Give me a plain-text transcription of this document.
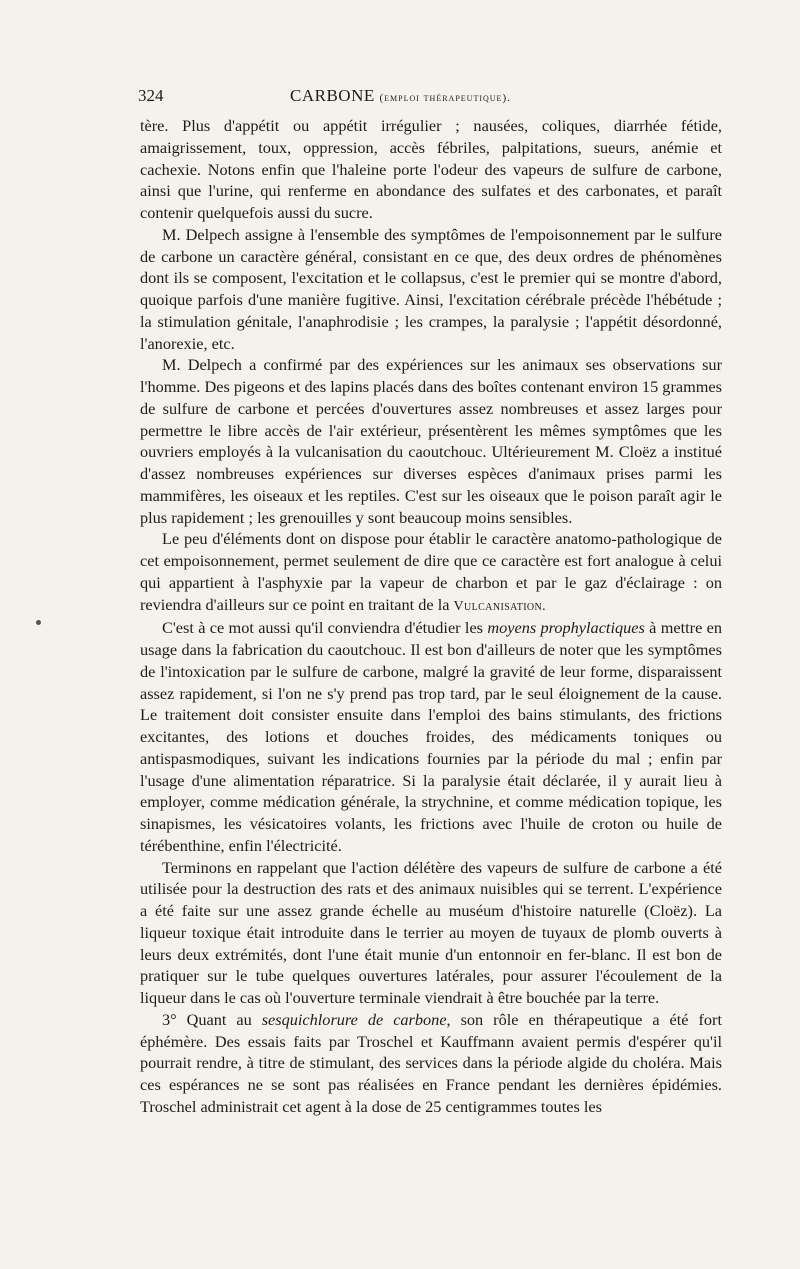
324	CARBONE (emploi thérapeutique).

tère. Plus d'appétit ou appétit irrégulier ; nausées, coliques, diarrhée fétide, amaigrissement, toux, oppression, accès fébriles, palpitations, sueurs, anémie et cachexie. Notons enfin que l'haleine porte l'odeur des vapeurs de sulfure de carbone, ainsi que l'urine, qui renferme en abondance des sulfates et des carbonates, et paraît contenir quelquefois aussi du sucre.

M. Delpech assigne à l'ensemble des symptômes de l'empoisonnement par le sulfure de carbone un caractère général, consistant en ce que, des deux ordres de phénomènes dont ils se composent, l'excitation et le collapsus, c'est le premier qui se montre d'abord, quoique parfois d'une manière fugitive. Ainsi, l'excitation cérébrale précède l'hébétude ; la stimulation génitale, l'anaphrodisie ; les crampes, la paralysie ; l'appétit désordonné, l'anorexie, etc.

M. Delpech a confirmé par des expériences sur les animaux ses observations sur l'homme. Des pigeons et des lapins placés dans des boîtes contenant environ 15 grammes de sulfure de carbone et percées d'ouvertures assez nombreuses et assez larges pour permettre le libre accès de l'air extérieur, présentèrent les mêmes symptômes que les ouvriers employés à la vulcanisation du caoutchouc. Ultérieurement M. Cloëz a institué d'assez nombreuses expériences sur diverses espèces d'animaux prises parmi les mammifères, les oiseaux et les reptiles. C'est sur les oiseaux que le poison paraît agir le plus rapidement ; les grenouilles y sont beaucoup moins sensibles.

Le peu d'éléments dont on dispose pour établir le caractère anatomo-pathologique de cet empoisonnement, permet seulement de dire que ce caractère est fort analogue à celui qui appartient à l'asphyxie par la vapeur de charbon et par le gaz d'éclairage : on reviendra d'ailleurs sur ce point en traitant de la Vulcanisation.

C'est à ce mot aussi qu'il conviendra d'étudier les moyens prophylactiques à mettre en usage dans la fabrication du caoutchouc. Il est bon d'ailleurs de noter que les symptômes de l'intoxication par le sulfure de carbone, malgré la gravité de leur forme, disparaissent assez rapidement, si l'on ne s'y prend pas trop tard, par le seul éloignement de la cause. Le traitement doit consister ensuite dans l'emploi des bains stimulants, des frictions excitantes, des lotions et douches froides, des médicaments toniques ou antispasmodiques, suivant les indications fournies par la période du mal ; enfin par l'usage d'une alimentation réparatrice. Si la paralysie était déclarée, il y aurait lieu à employer, comme médication générale, la strychnine, et comme médication topique, les sinapismes, les vésicatoires volants, les frictions avec l'huile de croton ou huile de térébenthine, enfin l'électricité.

Terminons en rappelant que l'action délétère des vapeurs de sulfure de carbone a été utilisée pour la destruction des rats et des animaux nuisibles qui se terrent. L'expérience a été faite sur une assez grande échelle au muséum d'histoire naturelle (Cloëz). La liqueur toxique était introduite dans le terrier au moyen de tuyaux de plomb ouverts à leurs deux extrémités, dont l'une était munie d'un entonnoir en fer-blanc. Il est bon de pratiquer sur le tube quelques ouvertures latérales, pour assurer l'écoulement de la liqueur dans le cas où l'ouverture terminale viendrait à être bouchée par la terre.

3° Quant au sesquichlorure de carbone, son rôle en thérapeutique a été fort éphémère. Des essais faits par Troschel et Kauffmann avaient permis d'espérer qu'il pourrait rendre, à titre de stimulant, des services dans la période algide du choléra. Mais ces espérances ne se sont pas réalisées en France pendant les dernières épidémies. Troschel administrait cet agent à la dose de 25 centigrammes toutes les
